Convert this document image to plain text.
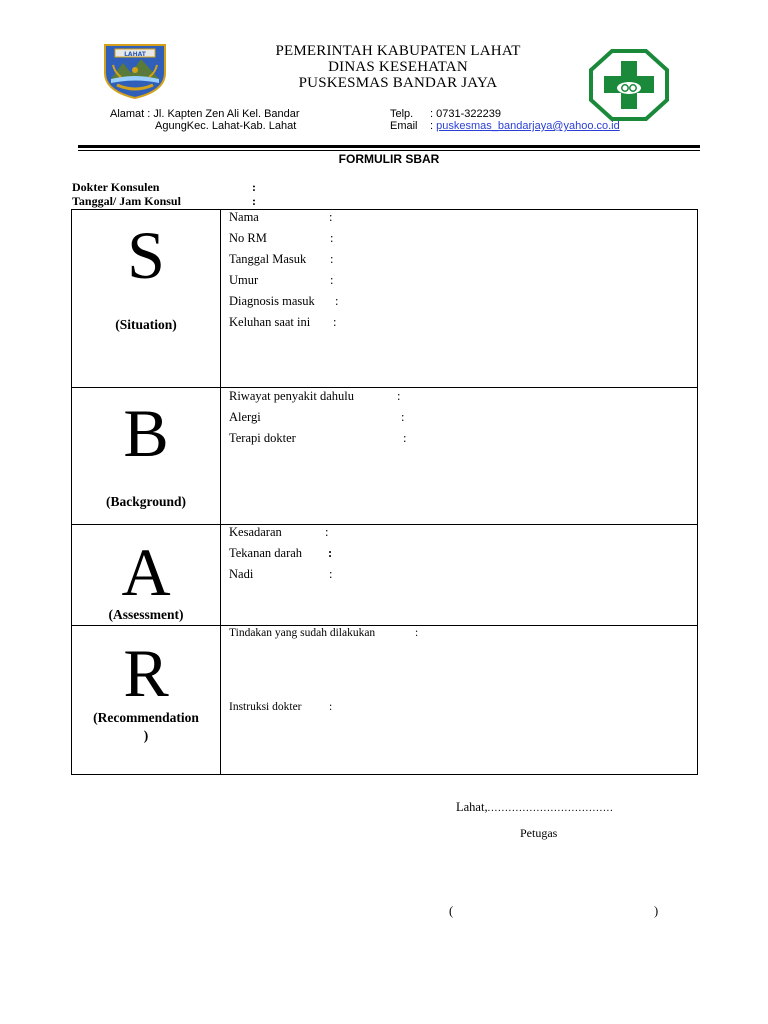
LAHAT	PEMERINTAH KABUPATEN LAHAT
DINAS KESEHATAN
PUSKESMAS BANDAR JAYA
Alamat : Jl. Kapten Zen Ali Kel. Bandar
AgungKec. Lahat-Kab. Lahat
Telp. : 0731-322239
Email : puskesmas_bandarjaya@yahoo.co.id
FORMULIR SBAR
Dokter Konsulen	:
Tanggal/ Jam Konsul	:
S
(Situation)
Nama	:
No RM	:
Tanggal Masuk :
Umur	:
Diagnosis masuk :
Keluhan saat ini :
B
(Background)
Riwayat penyakit dahulu	:
Alergi	:
Terapi dokter	:
A
(Assessment)
Kesadaran	:
Tekanan darah :
Nadi	:
R
(Recommendation
)
Tindakan yang sudah dilakukan	:
Instruksi dokter :
Lahat,....................................
Petugas
(	)
